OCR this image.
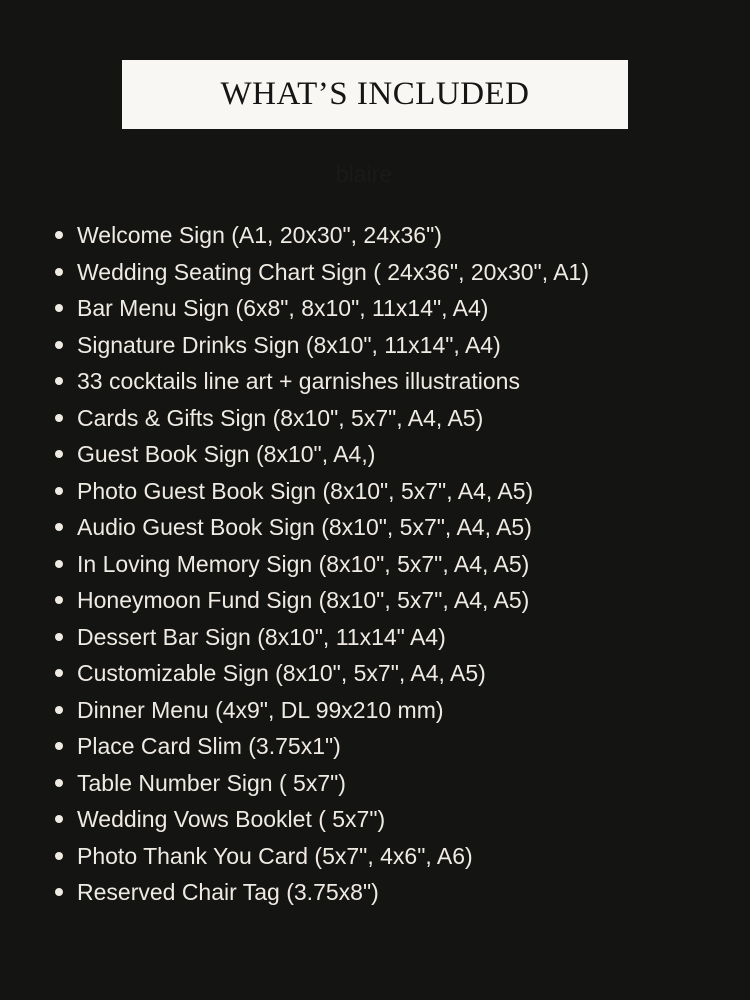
WHAT’S INCLUDED
blaire
Welcome Sign (A1, 20x30", 24x36")
Wedding Seating Chart Sign ( 24x36", 20x30", A1)
Bar Menu Sign (6x8", 8x10", 11x14", A4)
Signature Drinks Sign (8x10", 11x14", A4)
33 cocktails line art + garnishes illustrations
Cards & Gifts Sign (8x10", 5x7", A4, A5)
Guest Book Sign (8x10", A4,)
Photo Guest Book Sign (8x10", 5x7", A4, A5)
Audio Guest Book Sign (8x10", 5x7", A4, A5)
In Loving Memory Sign (8x10", 5x7", A4, A5)
Honeymoon Fund Sign (8x10", 5x7", A4, A5)
Dessert Bar Sign (8x10", 11x14" A4)
Customizable Sign (8x10", 5x7", A4, A5)
Dinner Menu (4x9", DL 99x210 mm)
Place Card Slim (3.75x1")
Table Number Sign ( 5x7")
Wedding Vows Booklet ( 5x7")
Photo Thank You Card (5x7", 4x6", A6)
Reserved Chair Tag (3.75x8")
